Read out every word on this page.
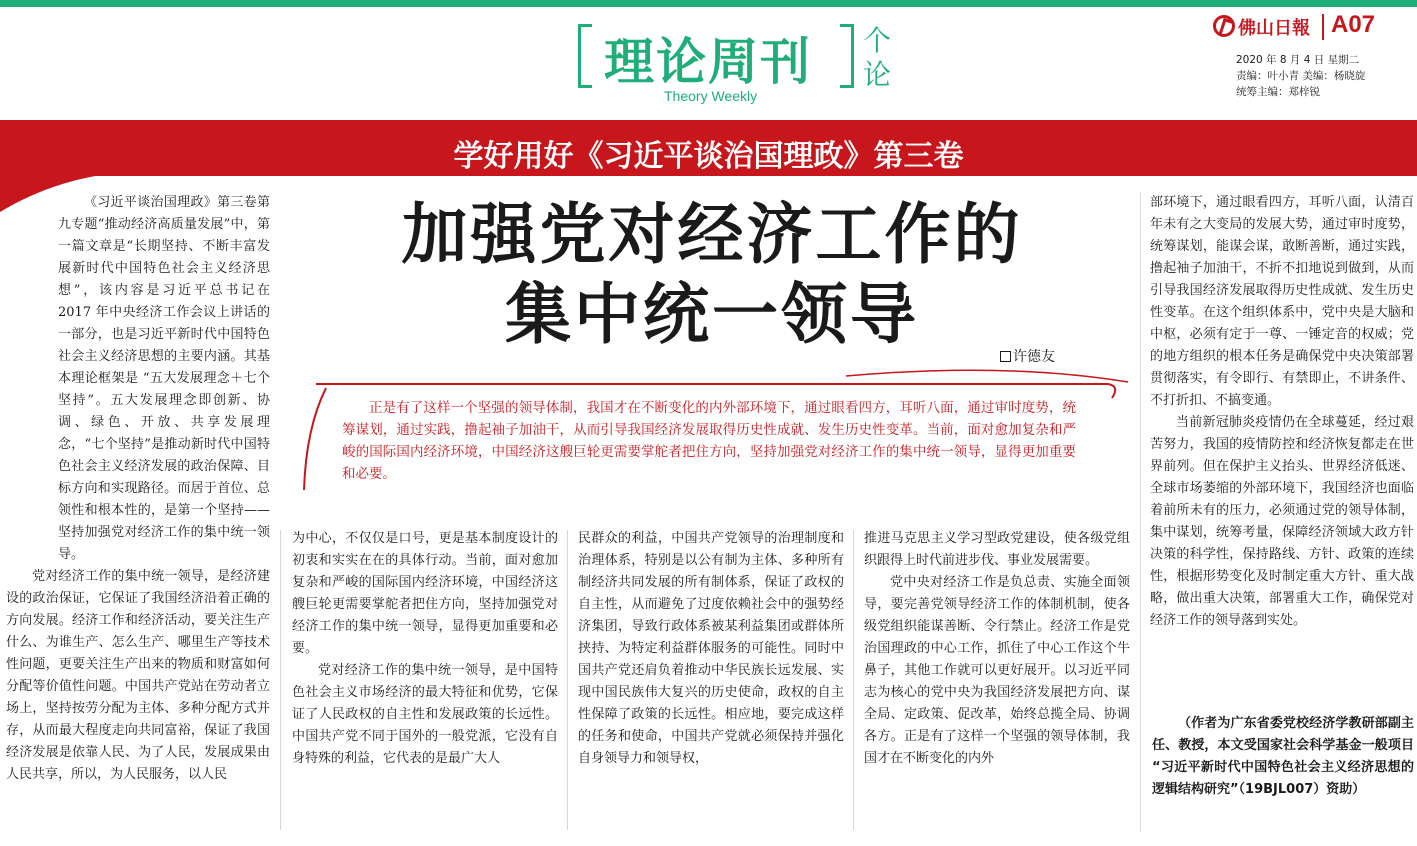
理论周刊 个论
Theory Weekly
佛山日報 A07
2020 年 8 月 4 日 星期二
责编：叶小青 美编：杨晓旋
统筹主编：郑梓锐
学好用好《习近平谈治国理政》第三卷
加强党对经济工作的
集中统一领导
许德友
正是有了这样一个坚强的领导体制，我国才在不断变化的内外部环境下，通过眼看四方，耳听八面，通过审时度势，统筹谋划，通过实践，撸起袖子加油干，从而引导我国经济发展取得历史性成就、发生历史性变革。当前，面对愈加复杂和严峻的国际国内经济环境，中国经济这艘巨轮更需要掌舵者把住方向，坚持加强党对经济工作的集中统一领导，显得更加重要和必要。

《习近平谈治国理政》第三卷第九专题“推动经济高质量发展”中，第一篇文章是“长期坚持、不断丰富发展新时代中国特色社会主义经济思想”，该内容是习近平总书记在 2017 年中央经济工作会议上讲话的一部分，也是习近平新时代中国特色社会主义经济思想的主要内涵。其基本理论框架是 “五大发展理念＋七个坚持”。五大发展理念即创新、协调、绿色、开放、共享发展理念，“七个坚持”是推动新时代中国特色社会主义经济发展的政治保障、目标方向和实现路径。而居于首位、总领性和根本性的，是第一个坚持——坚持加强党对经济工作的集中统一领导。

党对经济工作的集中统一领导，是经济建设的政治保证，它保证了我国经济沿着正确的方向发展。经济工作和经济活动，要关注生产什么、为谁生产、怎么生产、哪里生产等技术性问题，更要关注生产出来的物质和财富如何分配等价值性问题。中国共产党站在劳动者立场上，坚持按劳分配为主体、多种分配方式并存，从而最大程度走向共同富裕，保证了我国经济发展是依靠人民、为了人民，发展成果由人民共享，所以，为人民服务，以人民

为中心，不仅仅是口号，更是基本制度设计的初衷和实实在在的具体行动。当前，面对愈加复杂和严峻的国际国内经济环境，中国经济这艘巨轮更需要掌舵者把住方向，坚持加强党对经济工作的集中统一领导，显得更加重要和必要。

党对经济工作的集中统一领导，是中国特色社会主义市场经济的最大特征和优势，它保证了人民政权的自主性和发展政策的长远性。中国共产党不同于国外的一般党派，它没有自身特殊的利益，它代表的是最广大人

民群众的利益，中国共产党领导的治理制度和治理体系，特别是以公有制为主体、多种所有制经济共同发展的所有制体系，保证了政权的自主性，从而避免了过度依赖社会中的强势经济集团，导致行政体系被某利益集团或群体所挟持、为特定利益群体服务的可能性。同时中国共产党还肩负着推动中华民族长远发展、实现中国民族伟大复兴的历史使命，政权的自主性保障了政策的长远性。相应地，要完成这样的任务和使命，中国共产党就必须保持并强化自身领导力和领导权，

推进马克思主义学习型政党建设，使各级党组织跟得上时代前进步伐、事业发展需要。

党中央对经济工作是负总责、实施全面领导，要完善党领导经济工作的体制机制，使各级党组织能谋善断、令行禁止。经济工作是党治国理政的中心工作，抓住了中心工作这个牛鼻子，其他工作就可以更好展开。以习近平同志为核心的党中央为我国经济发展把方向、谋全局、定政策、促改革，始终总揽全局、协调各方。正是有了这样一个坚强的领导体制，我国才在不断变化的内外

部环境下，通过眼看四方，耳听八面，认清百年未有之大变局的发展大势，通过审时度势，统筹谋划，能谋会谋，敢断善断，通过实践，撸起袖子加油干，不折不扣地说到做到，从而引导我国经济发展取得历史性成就、发生历史性变革。在这个组织体系中，党中央是大脑和中枢，必须有定于一尊、一锤定音的权威；党的地方组织的根本任务是确保党中央决策部署贯彻落实，有令即行、有禁即止，不讲条件、不打折扣、不搞变通。

当前新冠肺炎疫情仍在全球蔓延，经过艰苦努力，我国的疫情防控和经济恢复都走在世界前列。但在保护主义抬头、世界经济低迷、全球市场萎缩的外部环境下，我国经济也面临着前所未有的压力，必须通过党的领导体制，集中谋划，统筹考量，保障经济领域大政方针决策的科学性，保持路线、方针、政策的连续性，根据形势变化及时制定重大方针、重大战略，做出重大决策，部署重大工作，确保党对经济工作的领导落到实处。

（作者为广东省委党校经济学教研部副主任、教授，本文受国家社会科学基金一般项目 “习近平新时代中国特色社会主义经济思想的逻辑结构研究”（19BJL007）资助）
